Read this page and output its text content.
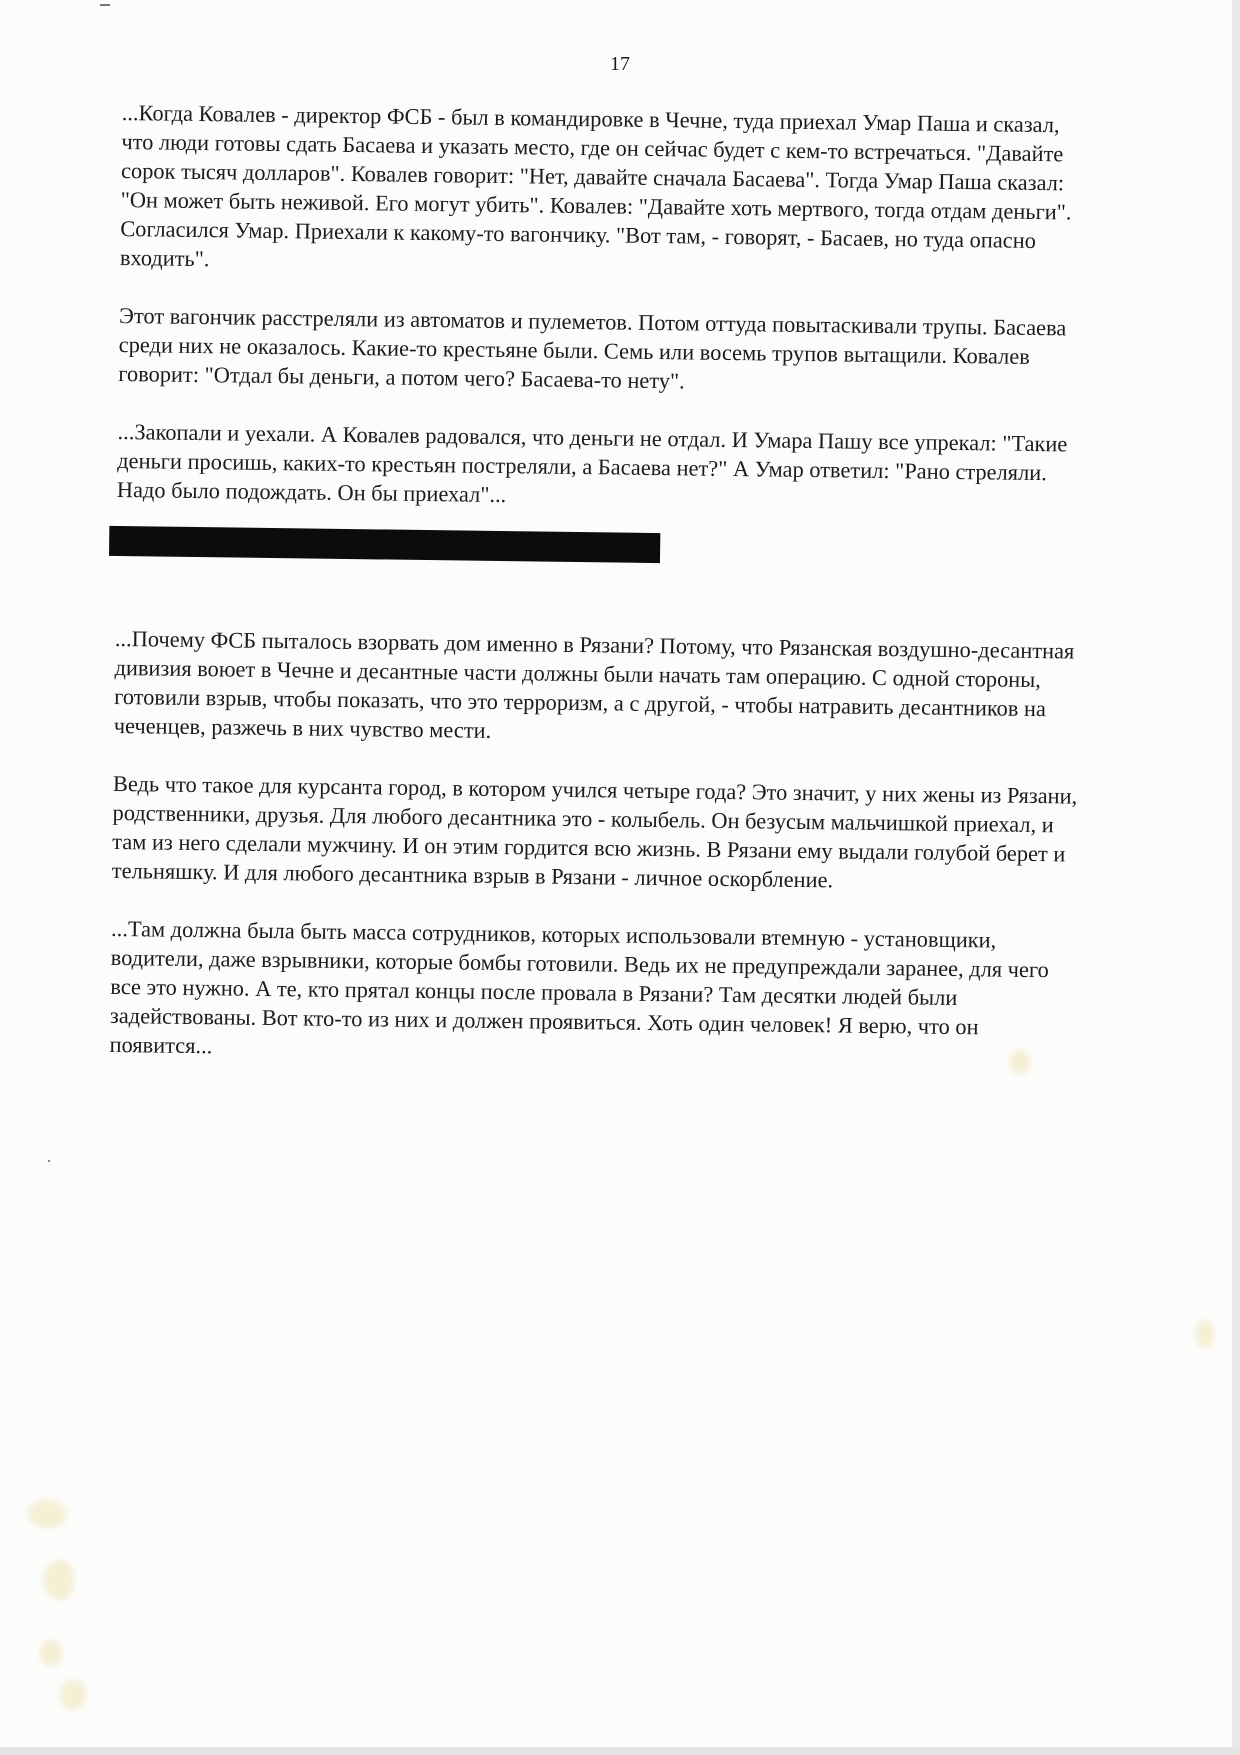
17

...Когда Ковалев - директор ФСБ - был в командировке в Чечне, туда приехал Умар Паша и сказал, что люди готовы сдать Басаева и указать место, где он сейчас будет с кем-то встречаться. "Давайте сорок тысяч долларов". Ковалев говорит: "Нет, давайте сначала Басаева". Тогда Умар Паша сказал: "Он может быть неживой. Его могут убить". Ковалев: "Давайте хоть мертвого, тогда отдам деньги". Согласился Умар. Приехали к какому-то вагончику. "Вот там, - говорят, - Басаев, но туда опасно входить".

Этот вагончик расстреляли из автоматов и пулеметов. Потом оттуда повытаскивали трупы. Басаева среди них не оказалось. Какие-то крестьяне были. Семь или восемь трупов вытащили. Ковалев говорит: "Отдал бы деньги, а потом чего? Басаева-то нету".

...Закопали и уехали. А Ковалев радовался, что деньги не отдал. И Умара Пашу все упрекал: "Такие деньги просишь, каких-то крестьян постреляли, а Басаева нет?" А Умар ответил: "Рано стреляли. Надо было подождать. Он бы приехал"...

...Почему ФСБ пыталось взорвать дом именно в Рязани? Потому, что Рязанская воздушно-десантная дивизия воюет в Чечне и десантные части должны были начать там операцию. С одной стороны, готовили взрыв, чтобы показать, что это терроризм, а с другой, - чтобы натравить десантников на чеченцев, разжечь в них чувство мести.

Ведь что такое для курсанта город, в котором учился четыре года? Это значит, у них жены из Рязани, родственники, друзья. Для любого десантника это - колыбель. Он безусым мальчишкой приехал, и там из него сделали мужчину. И он этим гордится всю жизнь. В Рязани ему выдали голубой берет и тельняшку. И для любого десантника взрыв в Рязани - личное оскорбление.

...Там должна была быть масса сотрудников, которых использовали втемную - установщики, водители, даже взрывники, которые бомбы готовили. Ведь их не предупреждали заранее, для чего все это нужно. А те, кто прятал концы после провала в Рязани? Там десятки людей были задействованы. Вот кто-то из них и должен проявиться. Хоть один человек! Я верю, что он появится...
